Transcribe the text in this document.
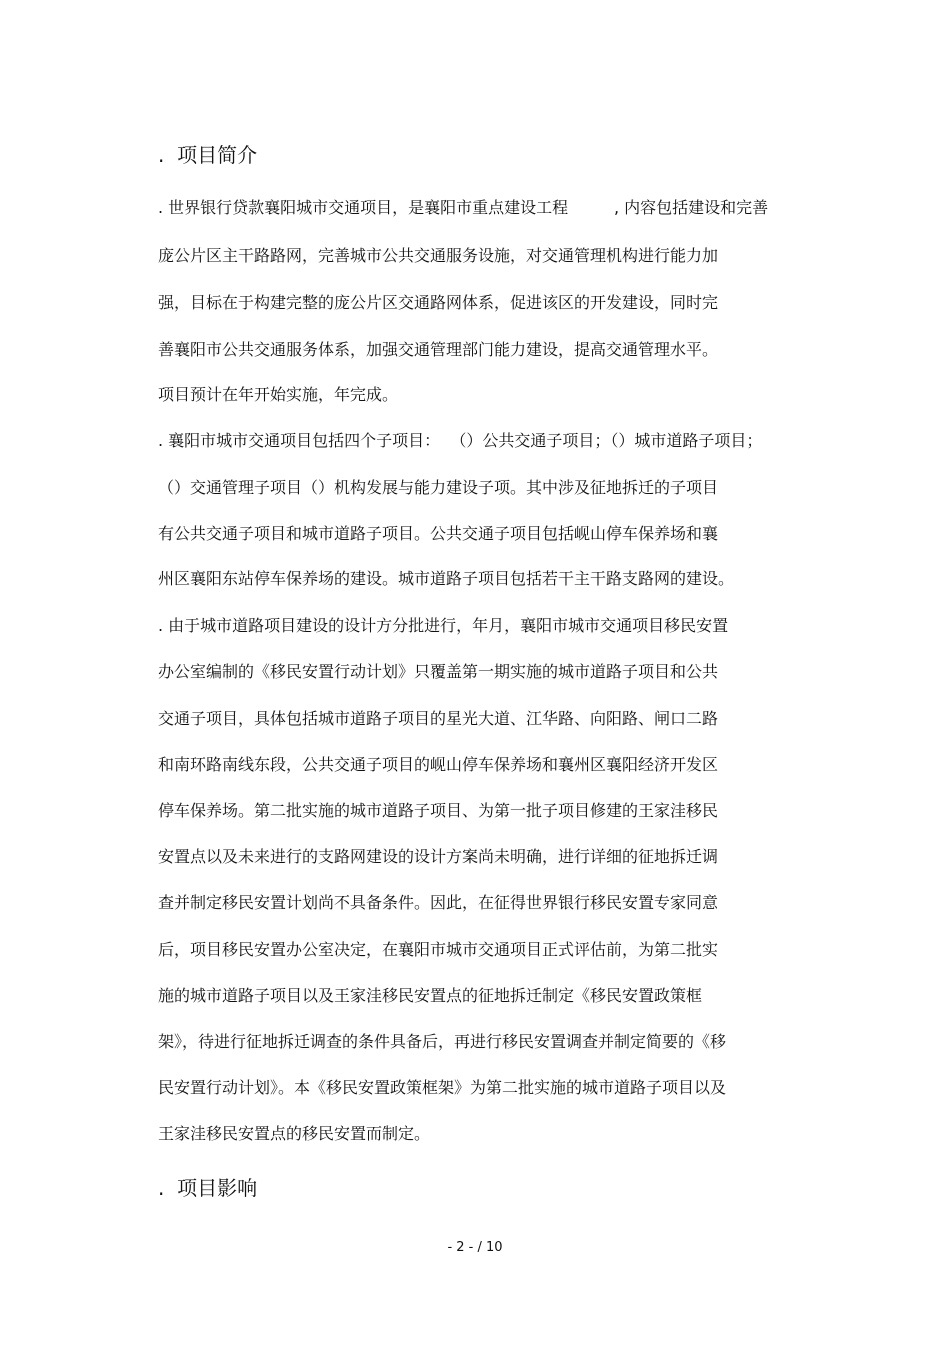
.  项目简介
. 世界银行贷款襄阳城市交通项目，是襄阳市重点建设工程         , 内容包括建设和完善
庞公片区主干路路网，完善城市公共交通服务设施，对交通管理机构进行能力加
强，目标在于构建完整的庞公片区交通路网体系，促进该区的开发建设，同时完
善襄阳市公共交通服务体系，加强交通管理部门能力建设，提高交通管理水平。
项目预计在年开始实施，年完成。
. 襄阳市城市交通项目包括四个子项目：  （）公共交通子项目；（）城市道路子项目；
（）交通管理子项目（）机构发展与能力建设子项。其中涉及征地拆迁的子项目
有公共交通子项目和城市道路子项目。公共交通子项目包括岘山停车保养场和襄
州区襄阳东站停车保养场的建设。城市道路子项目包括若干主干路支路网的建设。
. 由于城市道路项目建设的设计方分批进行，年月，襄阳市城市交通项目移民安置
办公室编制的《移民安置行动计划》只覆盖第一期实施的城市道路子项目和公共
交通子项目，具体包括城市道路子项目的星光大道、江华路、向阳路、闸口二路
和南环路南线东段，公共交通子项目的岘山停车保养场和襄州区襄阳经济开发区
停车保养场。第二批实施的城市道路子项目、为第一批子项目修建的王家洼移民
安置点以及未来进行的支路网建设的设计方案尚未明确，进行详细的征地拆迁调
查并制定移民安置计划尚不具备条件。因此，在征得世界银行移民安置专家同意
后，项目移民安置办公室决定，在襄阳市城市交通项目正式评估前，为第二批实
施的城市道路子项目以及王家洼移民安置点的征地拆迁制定《移民安置政策框
架》，待进行征地拆迁调查的条件具备后，再进行移民安置调查并制定简要的《移
民安置行动计划》。本《移民安置政策框架》为第二批实施的城市道路子项目以及
王家洼移民安置点的移民安置而制定。
.  项目影响
- 2 - / 10
